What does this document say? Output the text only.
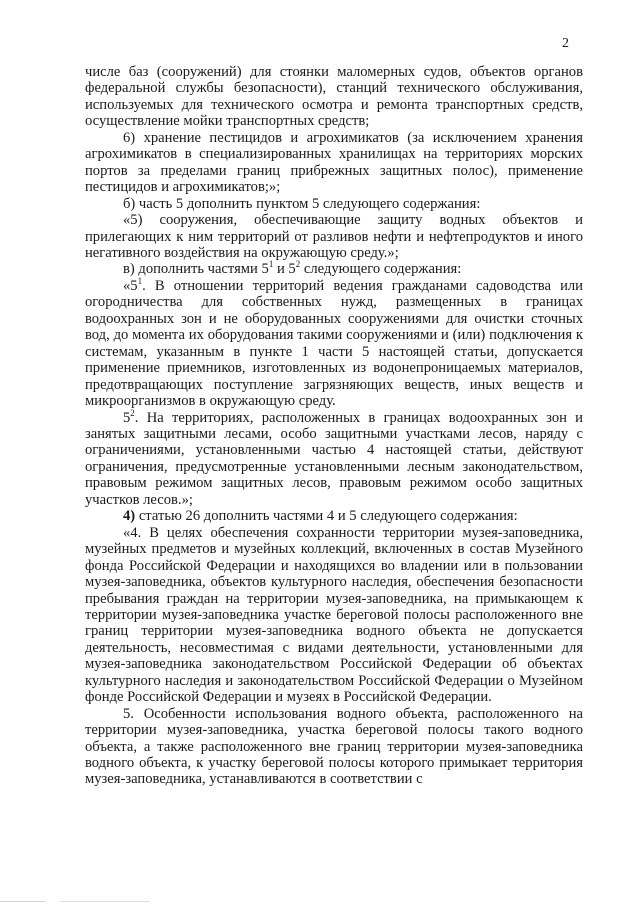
2

числе баз (сооружений) для стоянки маломерных судов, объектов органов федеральной службы безопасности), станций технического обслуживания, используемых для технического осмотра и ремонта транспортных средств, осуществление мойки транспортных средств;

6) хранение пестицидов и агрохимикатов (за исключением хранения агрохимикатов в специализированных хранилищах на территориях морских портов за пределами границ прибрежных защитных полос), применение пестицидов и агрохимикатов;»;

б) часть 5 дополнить пунктом 5 следующего содержания:

«5) сооружения, обеспечивающие защиту водных объектов и прилегающих к ним территорий от разливов нефти и нефтепродуктов и иного негативного воздействия на окружающую среду.»;

в) дополнить частями $5^1$ и $5^2$ следующего содержания:

«$5^1$. В отношении территорий ведения гражданами садоводства или огородничества для собственных нужд, размещенных в границах водоохранных зон и не оборудованных сооружениями для очистки сточных вод, до момента их оборудования такими сооружениями и (или) подключения к системам, указанным в пункте 1 части 5 настоящей статьи, допускается применение приемников, изготовленных из водонепроницаемых материалов, предотвращающих поступление загрязняющих веществ, иных веществ и микроорганизмов в окружающую среду.

$5^2$. На территориях, расположенных в границах водоохранных зон и занятых защитными лесами, особо защитными участками лесов, наряду с ограничениями, установленными частью 4 настоящей статьи, действуют ограничения, предусмотренные установленными лесным законодательством, правовым режимом защитных лесов, правовым режимом особо защитных участков лесов.»;

4) статью 26 дополнить частями 4 и 5 следующего содержания:

«4. В целях обеспечения сохранности территории музея-заповедника, музейных предметов и музейных коллекций, включенных в состав Музейного фонда Российской Федерации и находящихся во владении или в пользовании музея-заповедника, объектов культурного наследия, обеспечения безопасности пребывания граждан на территории музея-заповедника, на примыкающем к территории музея-заповедника участке береговой полосы расположенного вне границ территории музея-заповедника водного объекта не допускается деятельность, несовместимая с видами деятельности, установленными для музея-заповедника законодательством Российской Федерации об объектах культурного наследия и законодательством Российской Федерации о Музейном фонде Российской Федерации и музеях в Российской Федерации.

5. Особенности использования водного объекта, расположенного на территории музея-заповедника, участка береговой полосы такого водного объекта, а также расположенного вне границ территории музея-заповедника водного объекта, к участку береговой полосы которого примыкает территория музея-заповедника, устанавливаются в соответствии с
